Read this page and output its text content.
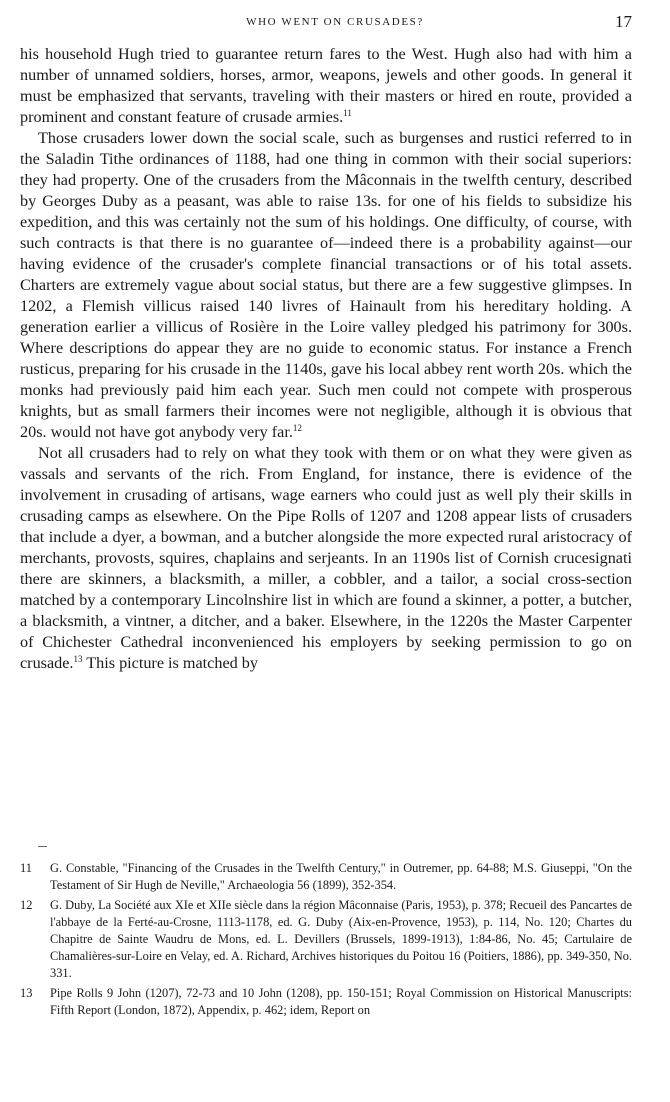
WHO WENT ON CRUSADES?	17

his household Hugh tried to guarantee return fares to the West. Hugh also had with him a number of unnamed soldiers, horses, armor, weapons, jewels and other goods. In general it must be emphasized that servants, traveling with their masters or hired en route, provided a prominent and constant feature of crusade armies.$^{11}$

Those crusaders lower down the social scale, such as burgenses and rustici referred to in the Saladin Tithe ordinances of 1188, had one thing in common with their social superiors: they had property. One of the crusaders from the Mâconnais in the twelfth century, described by Georges Duby as a peasant, was able to raise 13s. for one of his fields to subsidize his expedition, and this was certainly not the sum of his holdings. One difficulty, of course, with such contracts is that there is no guarantee of—indeed there is a probability against—our having evidence of the crusader's complete financial transactions or of his total assets. Charters are extremely vague about social status, but there are a few suggestive glimpses. In 1202, a Flemish villicus raised 140 livres of Hainault from his hereditary holding. A generation earlier a villicus of Rosière in the Loire valley pledged his patrimony for 300s. Where descriptions do appear they are no guide to economic status. For instance a French rusticus, preparing for his crusade in the 1140s, gave his local abbey rent worth 20s. which the monks had previously paid him each year. Such men could not compete with prosperous knights, but as small farmers their incomes were not negligible, although it is obvious that 20s. would not have got anybody very far.$^{12}$

Not all crusaders had to rely on what they took with them or on what they were given as vassals and servants of the rich. From England, for instance, there is evidence of the involvement in crusading of artisans, wage earners who could just as well ply their skills in crusading camps as elsewhere. On the Pipe Rolls of 1207 and 1208 appear lists of crusaders that include a dyer, a bowman, and a butcher alongside the more expected rural aristocracy of merchants, provosts, squires, chaplains and serjeants. In an 1190s list of Cornish crucesignati there are skinners, a blacksmith, a miller, a cobbler, and a tailor, a social cross-section matched by a contemporary Lincolnshire list in which are found a skinner, a potter, a butcher, a blacksmith, a vintner, a ditcher, and a baker. Elsewhere, in the 1220s the Master Carpenter of Chichester Cathedral inconvenienced his employers by seeking permission to go on crusade.$^{13}$ This picture is matched by

11	G. Constable, "Financing of the Crusades in the Twelfth Century," in Outremer, pp. 64-88; M.S. Giuseppi, "On the Testament of Sir Hugh de Neville," Archaeologia 56 (1899), 352-354.
12	G. Duby, La Société aux XIe et XIIe siècle dans la région Mâconnaise (Paris, 1953), p. 378; Recueil des Pancartes de l'abbaye de la Ferté-au-Crosne, 1113-1178, ed. G. Duby (Aix-en-Provence, 1953), p. 114, No. 120; Chartes du Chapitre de Sainte Waudru de Mons, ed. L. Devillers (Brussels, 1899-1913), 1:84-86, No. 45; Cartulaire de Chamalières-sur-Loire en Velay, ed. A. Richard, Archives historiques du Poitou 16 (Poitiers, 1886), pp. 349-350, No. 331.
13	Pipe Rolls 9 John (1207), 72-73 and 10 John (1208), pp. 150-151; Royal Commission on Historical Manuscripts: Fifth Report (London, 1872), Appendix, p. 462; idem, Report on
